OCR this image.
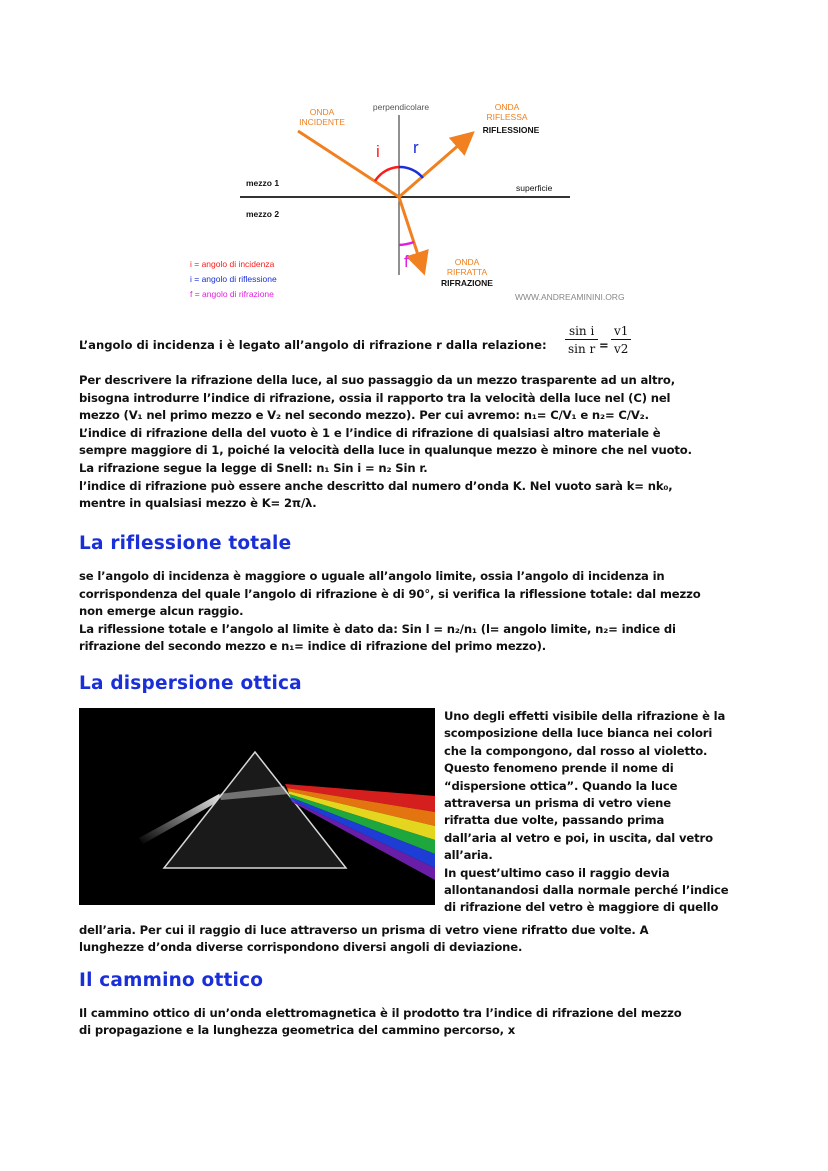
ONDA
INCIDENTE
perpendicolare	ONDA
RIFLESSA
RIFLESSIONE
mezzo 1
mezzo 2
superficie
i r
f	ONDA
RIFRATTA
RIFRAZIONE
i = angolo di incidenza
i = angolo di riflessione
f = angolo di rifrazione	WWW.ANDREAMININI.ORG
L’angolo di incidenza i è legato all’angolo di rifrazione r dalla relazione: $\frac{\text{sin i}}{\text{sin r}} = \frac{v1}{v2}$

Per descrivere la rifrazione della luce, al suo passaggio da un mezzo trasparente ad un altro,

bisogna introdurre l’indice di rifrazione, ossia il rapporto tra la velocità della luce nel (C) nel

mezzo (V₁ nel primo mezzo e V₂ nel secondo mezzo). Per cui avremo: n₁= C/V₁ e n₂= C/V₂.

L’indice di rifrazione della del vuoto è 1 e l’indice di rifrazione di qualsiasi altro materiale è

sempre maggiore di 1, poiché la velocità della luce in qualunque mezzo è minore che nel vuoto.

La rifrazione segue la legge di Snell: n₁ Sin i = n₂ Sin r.

l’indice di rifrazione può essere anche descritto dal numero d’onda K. Nel vuoto sarà k= nk₀,

mentre in qualsiasi mezzo è K= 2π/λ.

La riflessione totale

se l’angolo di incidenza è maggiore o uguale all’angolo limite, ossia l’angolo di incidenza in

corrispondenza del quale l’angolo di rifrazione è di 90°, si verifica la riflessione totale: dal mezzo

non emerge alcun raggio.

La riflessione totale e l’angolo al limite è dato da: Sin l = n₂/n₁ (l= angolo limite, n₂= indice di

rifrazione del secondo mezzo e n₁= indice di rifrazione del primo mezzo).

La dispersione ottica

Uno degli effetti visibile della rifrazione è la

scomposizione della luce bianca nei colori

che la compongono, dal rosso al violetto.

Questo fenomeno prende il nome di

“dispersione ottica”. Quando la luce

attraversa un prisma di vetro viene

rifratta due volte, passando prima

dall’aria al vetro e poi, in uscita, dal vetro

all’aria.

In quest’ultimo caso il raggio devia

allontanandosi dalla normale perché l’indice

di rifrazione del vetro è maggiore di quello

dell’aria. Per cui il raggio di luce attraverso un prisma di vetro viene rifratto due volte. A

lunghezze d’onda diverse corrispondono diversi angoli di deviazione.

Il cammino ottico

Il cammino ottico di un’onda elettromagnetica è il prodotto tra l’indice di rifrazione del mezzo

di propagazione e la lunghezza geometrica del cammino percorso, x
